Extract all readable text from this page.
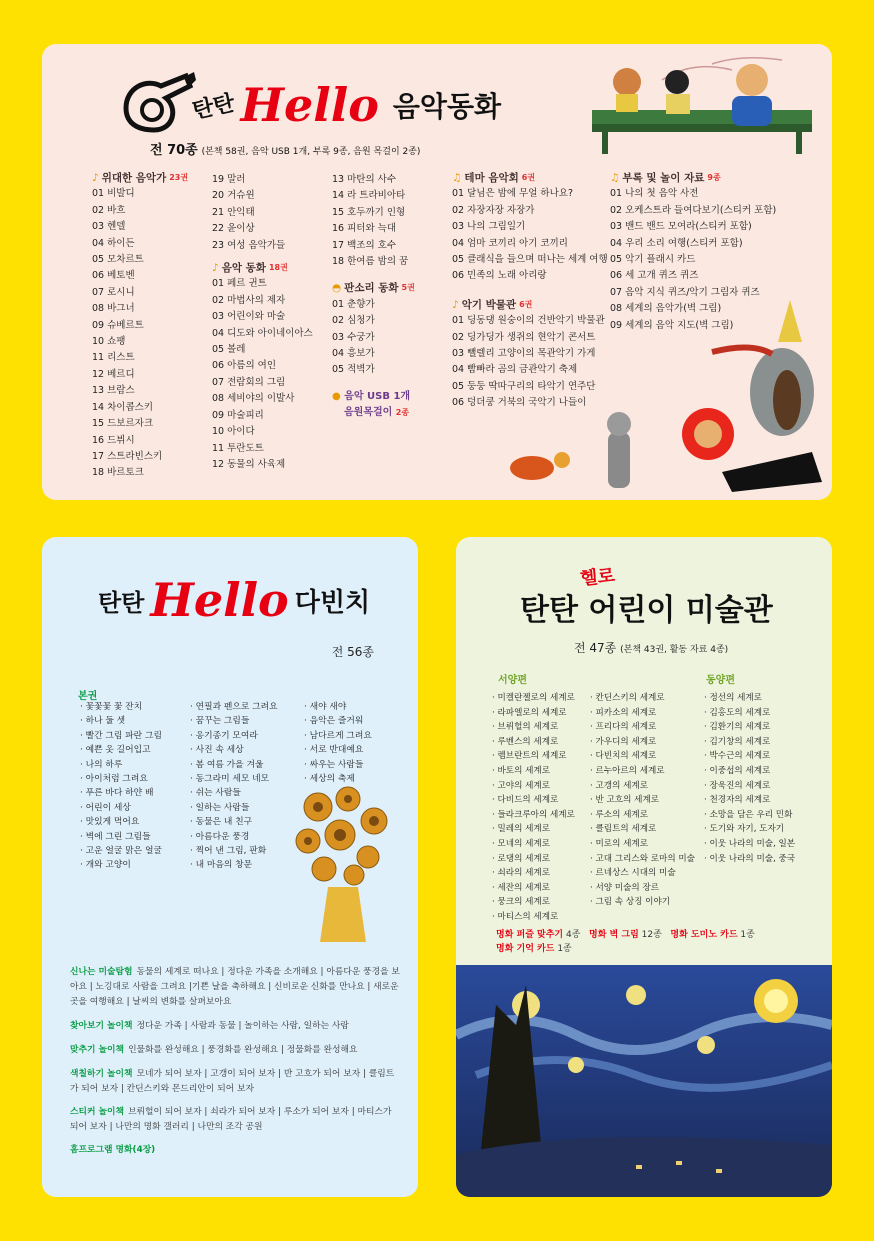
탄탄 Hello 음악동화
전 70종 (본책 58권, 음악 USB 1개, 부록 9종, 음원 목걸이 2종)
♪ 위대한 음악가 23권
01 비발디
02 바흐
03 헨델
04 하이든
05 모차르트
06 베토벤
07 로시니
08 바그너
09 슈베르트
10 쇼팽
11 리스트
12 베르디
13 브람스
14 차이콥스키
15 드보르자크
16 드뷔시
17 스트라빈스키
18 바르토크
19 말러
20 거슈윈
21 안익태
22 윤이상
23 여성 음악가들
♪ 음악 동화 18권
01 페르 귄트
02 마법사의 제자
03 어린이와 마술
04 디도와 아이네이아스
05 볼레
06 아름의 여인
07 전람회의 그림
08 세비야의 이발사
09 마술피리
10 아이다
11 투란도트
12 동물의 사육제
13 마탄의 사수
14 라 트라비아타
15 호두까기 인형
16 피터와 늑대
17 백조의 호수
18 한여름 밤의 꿈
◓ 판소리 동화 5권
01 춘향가
02 심청가
03 수궁가
04 흥보가
05 적벽가
● 음악 USB 1개
음원목걸이 2종
♫ 테마 음악회 6권
01 달님은 밤에 무얼 하나요?
02 자장자장 자장가
03 나의 그림일기
04 엄마 코끼리 아기 코끼리
05 클래식을 들으며 떠나는 세계 여행
06 민족의 노래 아리랑
♪ 악기 박물관 6권
01 딩동댕 원숭이의 건반악기 박물관
02 딩가딩가 생쥐의 현악기 콘서트
03 뺄렐리 고양이의 목관악기 가게
04 빰빠라 곰의 금관악기 축제
05 둥둥 딱따구리의 타악기 연주단
06 덩더쿵 거북의 국악기 나들이
♫ 부록 및 놀이 자료 9종
01 나의 첫 음악 사전
02 오케스트라 들여다보기(스티커 포함)
03 밴드 밴드 모여라(스티커 포함)
04 우리 소리 여행(스티커 포함)
05 악기 플래시 카드
06 세 고개 퀴즈 퀴즈
07 음악 지식 퀴즈/악기 그림자 퀴즈
08 세계의 음악가(벽 그림)
09 세계의 음악 지도(벽 그림)
탄탄 Hello 다빈치
전 56종
본권
· 꽃꽃꽃 꽃 잔치
· 하나 둘 셋
· 빨간 그림 파란 그림
· 예쁜 옷 길어입고
· 나의 하루
· 아이처럼 그려요
· 푸른 바다 하얀 배
· 어린이 세상
· 맛있게 먹어요
· 벽에 그린 그림들
· 고운 얼굴 맑은 얼굴
· 개와 고양이
· 연필과 펜으로 그려요
· 꿈꾸는 그림들
· 옹기종기 모여라
· 사진 속 세상
· 봄 여름 가을 겨울
· 동그라미 세모 네모
· 쉬는 사람들
· 일하는 사람들
· 동물은 내 친구
· 아름다운 풍경
· 찍어 낸 그림, 판화
· 내 마음의 창문
· 새야 새야
· 음악은 즐거워
· 남다르게 그려요
· 서로 반대예요
· 싸우는 사람들
· 세상의 축제
신나는 미술탐험 동물의 세계로 떠나요 | 정다운 가족을 소개해요 | 아름다운 풍경을 보아요 | 노깅대로 사람을 그려요 |기쁜 날을 축하해요 | 신비로운 신화를 만나요 | 새로운 곳을 여행해요 | 날씨의 변화를 살펴보아요
찾아보기 놀이책 정다운 가족 | 사람과 동물 | 놀이하는 사람, 일하는 사람
맞추기 놀이책 인물화를 완성해요 | 풍경화를 완성해요 | 정물화를 완성해요
색칠하기 놀이책 모네가 되어 보자 | 고갱이 되어 보자 | 반 고흐가 되어 보자 | 클림트가 되어 보자 | 칸딘스키와 몬드리안이 되어 보자
스티커 놀이책 브뤼헐이 되어 보자 | 쇠라가 되어 보자 | 루소가 되어 보자 | 마티스가 되어 보자 | 나만의 명화 갤러리 | 나만의 조각 공원
홈프로그램 명화(4장)
헬로
탄탄 어린이 미술관
전 47종 (본책 43권, 활동 자료 4종)
서양편	동양편
· 미켈란젤로의 세계로
· 라파엘로의 세계로
· 브뤼헐의 세계로
· 루벤스의 세계로
· 렘브란트의 세계로
· 바토의 세계로
· 고야의 세계로
· 다비드의 세계로
· 들라크루아의 세계로
· 밀레의 세계로
· 모네의 세계로
· 로댕의 세계로
· 쇠라의 세계로
· 세잔의 세계로
· 뭉크의 세계로
· 마티스의 세계로
· 칸딘스키의 세계로
· 피카소의 세계로
· 프리다의 세계로
· 가우디의 세계로
· 다빈치의 세계로
· 르누아르의 세계로
· 고갱의 세계로
· 반 고흐의 세계로
· 루소의 세계로
· 클림트의 세계로
· 미로의 세계로
· 고대 그리스와 로마의 미술
· 르네상스 시대의 미술
· 서양 미술의 장르
· 그림 속 상징 이야기
· 정선의 세계로
· 김홍도의 세계로
· 김환기의 세계로
· 김기창의 세계로
· 박수근의 세계로
· 이중섭의 세계로
· 장욱진의 세계로
· 천경자의 세계로
· 소망을 담은 우리 민화
· 도기와 자기, 도자기
· 이웃 나라의 미술, 일본
· 이웃 나라의 미술, 중국
명화 퍼즐 맞추기 4종 명화 벽 그림 12종 명화 도미노 카드 1종
명화 기억 카드 1종
